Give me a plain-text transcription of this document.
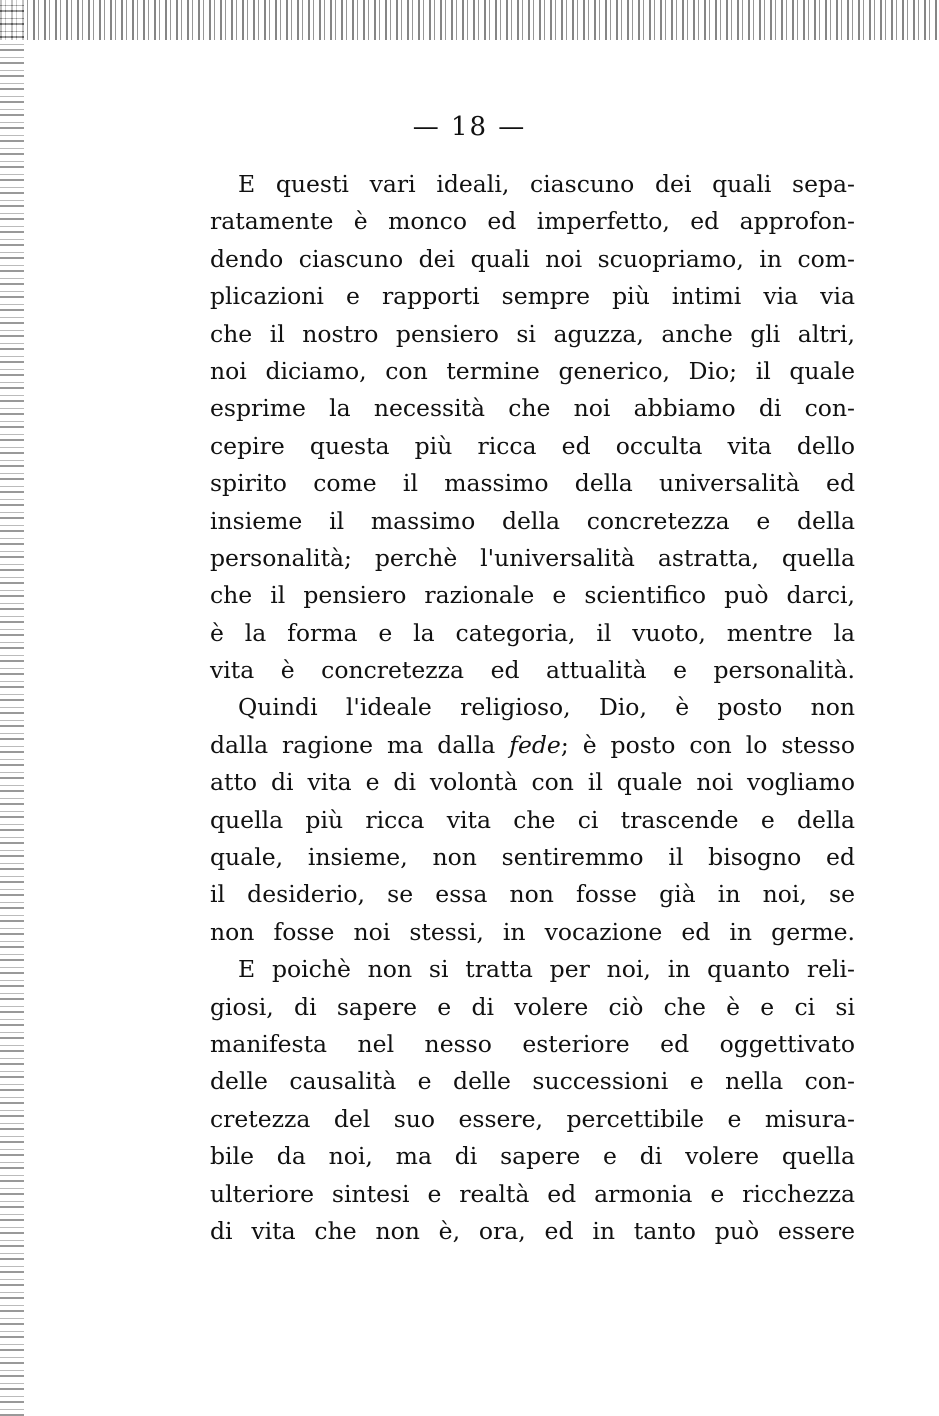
— 18 —
E questi vari ideali, ciascuno dei quali sepa-
ratamente è monco ed imperfetto, ed approfon-
dendo ciascuno dei quali noi scuopriamo, in com-
plicazioni e rapporti sempre più intimi via via
che il nostro pensiero si aguzza, anche gli altri,
noi diciamo, con termine generico, Dio; il quale
esprime la necessità che noi abbiamo di con-
cepire questa più ricca ed occulta vita dello
spirito come il massimo della universalità ed
insieme il massimo della concretezza e della
personalità; perchè l'universalità astratta, quella
che il pensiero razionale e scientifico può darci,
è la forma e la categoria, il vuoto, mentre la
vita è concretezza ed attualità e personalità.
Quindi l'ideale religioso, Dio, è posto non
dalla ragione ma dalla fede; è posto con lo stesso
atto di vita e di volontà con il quale noi vogliamo
quella più ricca vita che ci trascende e della
quale, insieme, non sentiremmo il bisogno ed
il desiderio, se essa non fosse già in noi, se
non fosse noi stessi, in vocazione ed in germe.
E poichè non si tratta per noi, in quanto reli-
giosi, di sapere e di volere ciò che è e ci si
manifesta nel nesso esteriore ed oggettivato
delle causalità e delle successioni e nella con-
cretezza del suo essere, percettibile e misura-
bile da noi, ma di sapere e di volere quella
ulteriore sintesi e realtà ed armonia e ricchezza
di vita che non è, ora, ed in tanto può essere
